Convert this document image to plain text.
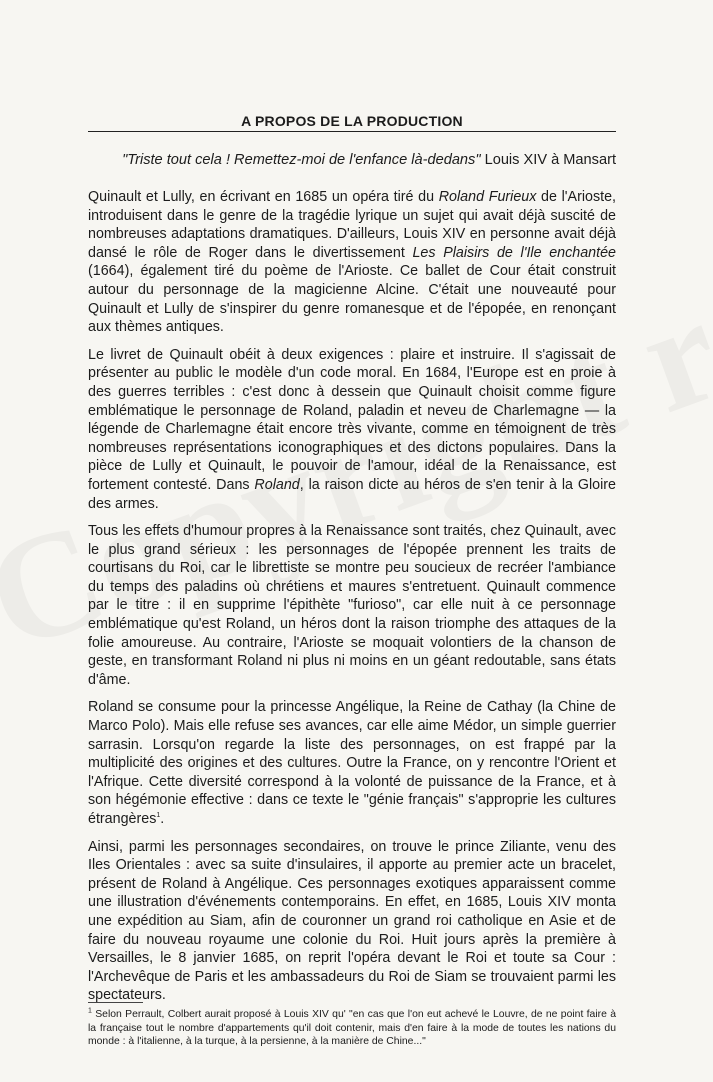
A PROPOS DE LA PRODUCTION
"Triste tout cela ! Remettez-moi de l'enfance là-dedans" Louis XIV à Mansart

Quinault et Lully, en écrivant en 1685 un opéra tiré du Roland Furieux de l'Arioste, introduisent dans le genre de la tragédie lyrique un sujet qui avait déjà suscité de nombreuses adaptations dramatiques. D'ailleurs, Louis XIV en personne avait déjà dansé le rôle de Roger dans le divertissement Les Plaisirs de l'Ile enchantée (1664), également tiré du poème de l'Arioste. Ce ballet de Cour était construit autour du personnage de la magicienne Alcine. C'était une nouveauté pour Quinault et Lully de s'inspirer du genre romanesque et de l'épopée, en renonçant aux thèmes antiques.

Le livret de Quinault obéit à deux exigences : plaire et instruire. Il s'agissait de présenter au public le modèle d'un code moral. En 1684, l'Europe est en proie à des guerres terribles : c'est donc à dessein que Quinault choisit comme figure emblématique le personnage de Roland, paladin et neveu de Charlemagne — la légende de Charlemagne était encore très vivante, comme en témoignent de très nombreuses représentations iconographiques et des dictons populaires. Dans la pièce de Lully et Quinault, le pouvoir de l'amour, idéal de la Renaissance, est fortement contesté. Dans Roland, la raison dicte au héros de s'en tenir à la Gloire des armes.

Tous les effets d'humour propres à la Renaissance sont traités, chez Quinault, avec le plus grand sérieux : les personnages de l'épopée prennent les traits de courtisans du Roi, car le librettiste se montre peu soucieux de recréer l'ambiance du temps des paladins où chrétiens et maures s'entretuent. Quinault commence par le titre : il en supprime l'épithète "furioso", car elle nuit à ce personnage emblématique qu'est Roland, un héros dont la raison triomphe des attaques de la folie amoureuse. Au contraire, l'Arioste se moquait volontiers de la chanson de geste, en transformant Roland ni plus ni moins en un géant redoutable, sans états d'âme.

Roland se consume pour la princesse Angélique, la Reine de Cathay (la Chine de Marco Polo). Mais elle refuse ses avances, car elle aime Médor, un simple guerrier sarrasin. Lorsqu'on regarde la liste des personnages, on est frappé par la multiplicité des origines et des cultures. Outre la France, on y rencontre l'Orient et l'Afrique. Cette diversité correspond à la volonté de puissance de la France, et à son hégémonie effective : dans ce texte le "génie français" s'approprie les cultures étrangères$^1$.

Ainsi, parmi les personnages secondaires, on trouve le prince Ziliante, venu des Iles Orientales : avec sa suite d'insulaires, il apporte au premier acte un bracelet, présent de Roland à Angélique. Ces personnages exotiques apparaissent comme une illustration d'événements contemporains. En effet, en 1685, Louis XIV monta une expédition au Siam, afin de couronner un grand roi catholique en Asie et de faire du nouveau royaume une colonie du Roi. Huit jours après la première à Versailles, le 8 janvier 1685, on reprit l'opéra devant le Roi et toute sa Cour : l'Archevêque de Paris et les ambassadeurs du Roi de Siam se trouvaient parmi les spectateurs.

$^1$ Selon Perrault, Colbert aurait proposé à Louis XIV qu' "en cas que l'on eut achevé le Louvre, de ne point faire à la française tout le nombre d'appartements qu'il doit contenir, mais d'en faire à la mode de toutes les nations du monde : à l'italienne, à la turque, à la persienne, à la manière de Chine..."
